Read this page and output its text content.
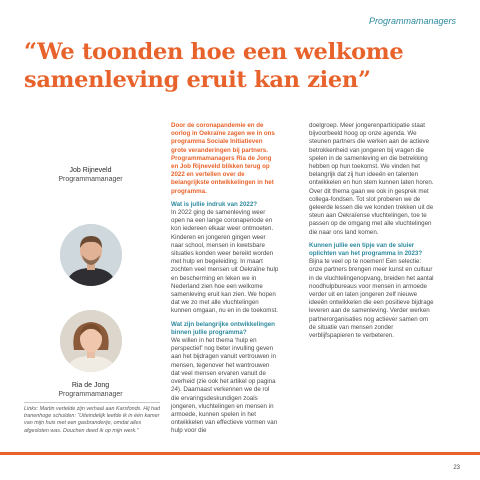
Programmamanagers
“We toonden hoe een welkome samenleving eruit kan zien”
Job Rijneveld
Programmamanager
Ria de Jong
Programmamanager

Links: Martin vertelde zijn verhaal aan Karsfonds. Hij had tranenhoge schulden: “Uiteindelijk leefde ik in één kamer van mijn huis met een gasbranderije, omdat alles afgesloten was. Douchen deed ik op mijn werk.”

Door de coronapandemie en de oorlog in Oekraïne zagen we in ons programma Sociale Initiatieven grote veranderingen bij partners. Programmamanagers Ria de Jong en Job Rijneveld blikken terug op 2022 en vertellen over de belangrijkste ontwikkelingen in het programma.

Wat is jullie indruk van 2022?
In 2022 ging de samenleving weer open na een lange coronaperiode en kon iedereen elkaar weer ontmoeten. Kinderen en jongeren gingen weer naar school, mensen in kwetsbare situaties konden weer bereikt worden met hulp en begeleiding. In maart zochten veel mensen uit Oekraïne hulp en bescherming en leken we in Nederland zien hoe een welkome samenleving eruit kan zien. We hopen dat we zo met alle vluchtelingen kunnen omgaan, nu en in de toekomst.

Wat zijn belangrijke ontwikkelingen binnen jullie programma?
We willen in het thema ‘hulp en perspectief’ nog beter invulling geven aan het bijdragen vanuit vertrouwen in mensen, tegenover het wantrouwen dat veel mensen ervaren vanuit de overheid (zie ook het artikel op pagina 24). Daarnaast verkennen we de rol die ervaringsdeskundigen zoals jongeren, vluchtelingen en mensen in armoede, kunnen spelen in het ontwikkelen van effectieve vormen van hulp voor die

doelgroep. Meer jongerenparticipatie staat bijvoorbeeld hoog op onze agenda. We steunen partners die werken aan de actieve betrokkenheid van jongeren bij vragen die spelen in de samenleving en die betrekking hebben op hun toekomst. We vinden het belangrijk dat zij hun ideeën en talenten ontwikkelen en hun stem kunnen laten horen. Over dit thema gaan we ook in gesprek met collega-fondsen. Tot slot proberen we de geleerde lessen die we konden trekken uit de steun aan Oekraïense vluchtelingen, toe te passen op de omgang met alle vluchtelingen die naar ons land komen.

Kunnen jullie een tipje van de sluier oplichten van het programma in 2023?
Bijna te veel op te noemen! Een selectie: onze partners brengen meer kunst en cultuur in de vluchtelingenopvang, breiden het aantal noodhulpbureaus voor mensen in armoede verder uit en laten jongeren zelf nieuwe ideeën ontwikkelen die een positieve bijdrage leveren aan de samenleving. Verder werken partnerorganisaties nog actiever samen om de situatie van mensen zonder verblijfspapieren te verbeteren.

23
